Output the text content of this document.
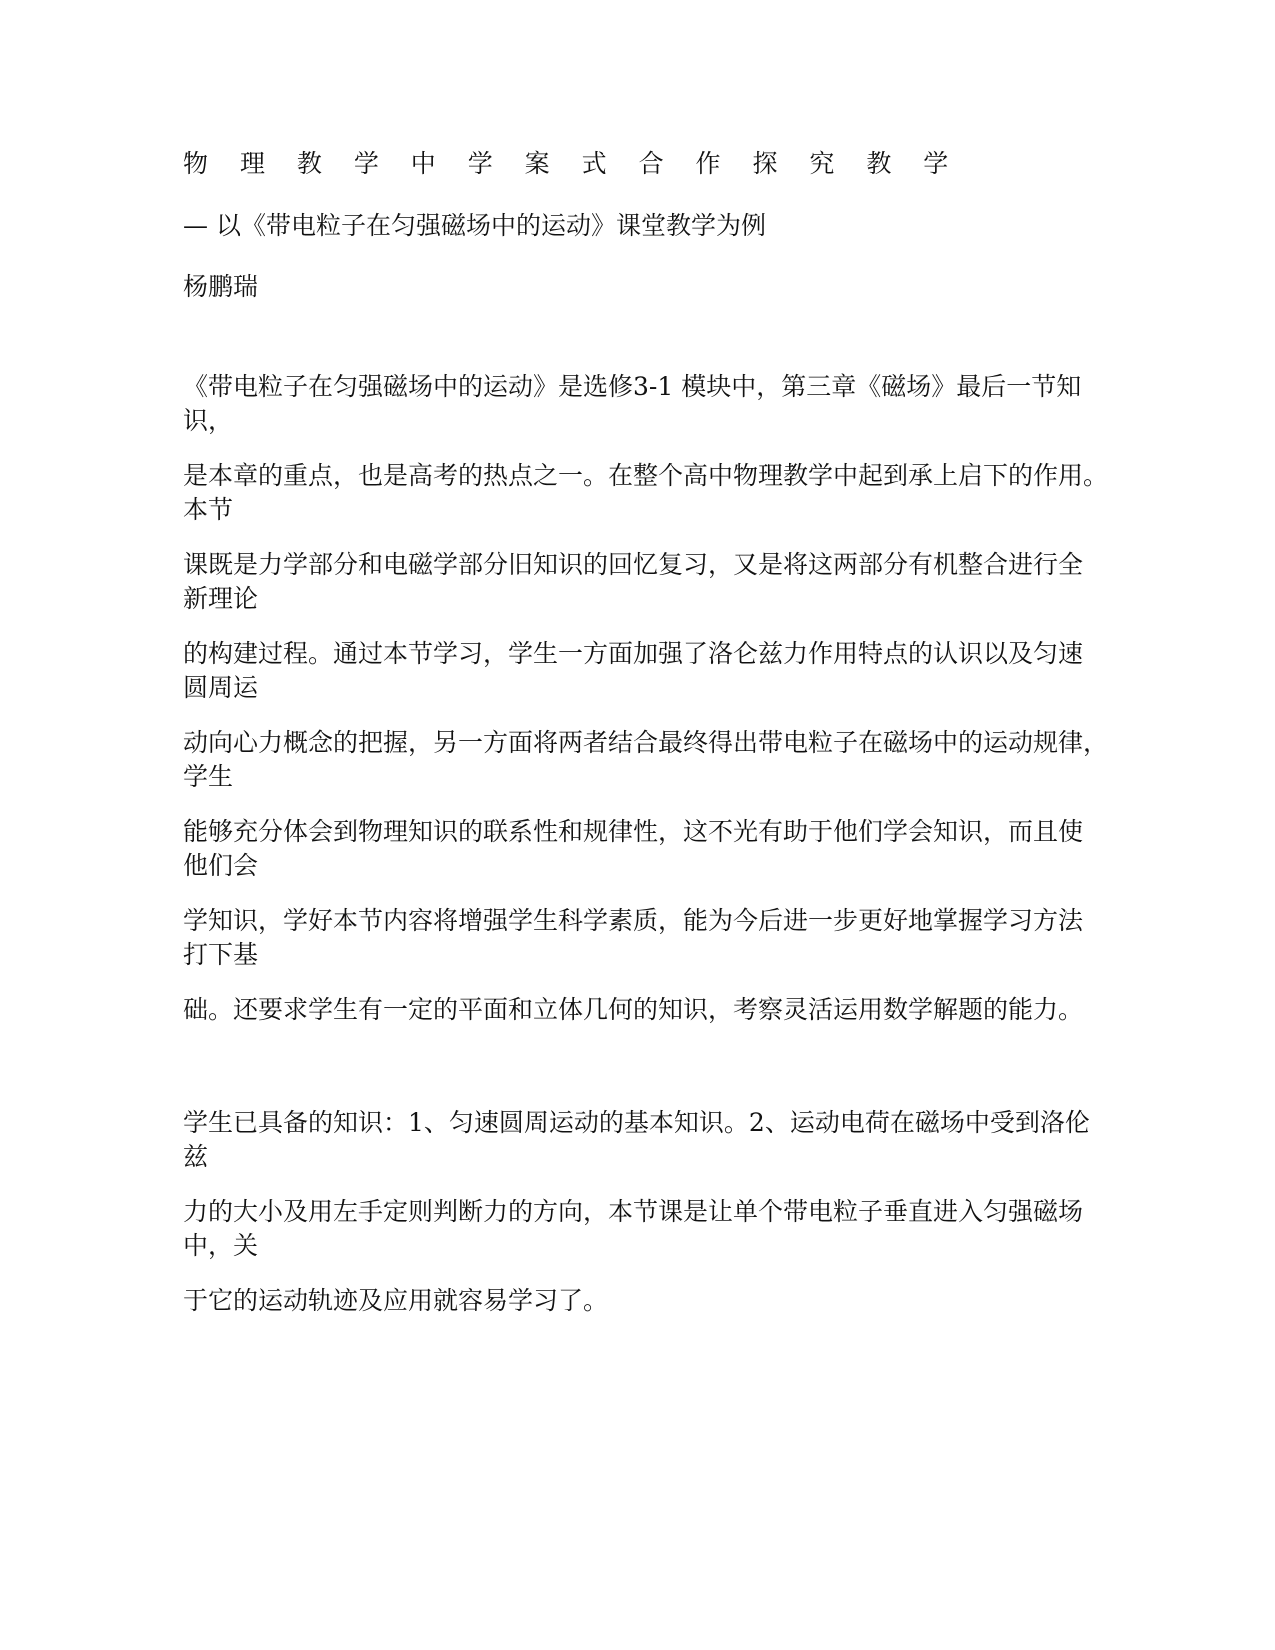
物 理 教 学 中 学 案 式 合 作 探 究 教 学
— 以《带电粒子在匀强磁场中的运动》课堂教学为例
杨鹏瑞
《带电粒子在匀强磁场中的运动》是选修3-1 模块中，第三章《磁场》最后一节知
识，
是本章的重点，也是高考的热点之一。在整个高中物理教学中起到承上启下的作用。
本节
课既是力学部分和电磁学部分旧知识的回忆复习，又是将这两部分有机整合进行全
新理论
的构建过程。通过本节学习，学生一方面加强了洛仑兹力作用特点的认识以及匀速
圆周运
动向心力概念的把握，另一方面将两者结合最终得出带电粒子在磁场中的运动规律，
学生
能够充分体会到物理知识的联系性和规律性，这不光有助于他们学会知识，而且使
他们会
学知识，学好本节内容将增强学生科学素质，能为今后进一步更好地掌握学习方法
打下基
础。还要求学生有一定的平面和立体几何的知识，考察灵活运用数学解题的能力。
学生已具备的知识：1、匀速圆周运动的基本知识。2、运动电荷在磁场中受到洛伦
兹
力的大小及用左手定则判断力的方向，本节课是让单个带电粒子垂直进入匀强磁场
中，关
于它的运动轨迹及应用就容易学习了。
